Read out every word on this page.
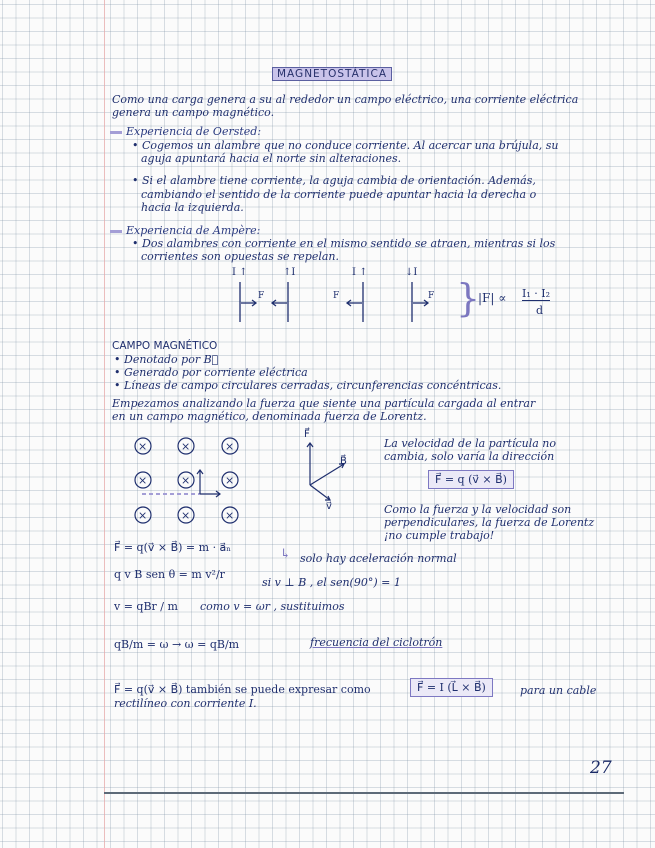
MAGNETOSTÁTICA
Como una carga genera a su al rededor un campo eléctrico, una corriente eléctrica
genera un campo magnético.
Experiencia de Oersted:
• Cogemos un alambre que no conduce corriente. Al acercar una brújula, su
aguja apuntará hacia el norte sin alteraciones.
• Si el alambre tiene corriente, la aguja cambia de orientación. Además,
cambiando el sentido de la corriente puede apuntar hacia la derecha o
hacia la izquierda.
Experiencia de Ampère:
• Dos alambres con corriente en el mismo sentido se atraen, mientras si los
corrientes son opuestas se repelan.
I ↑	↑I	I ↑	↓I
F	F	F }
|F| ∝ I₁ · I₂
d
CAMPO MAGNÉTICO
• Denotado por B⃗
• Generado por corriente eléctrica
• Líneas de campo circulares cerradas, circunferencias concéntricas.
Empezamos analizando la fuerza que siente una partícula cargada al entrar
en un campo magnético, denominada fuerza de Lorentz.
×	×	×
×	×	×
×	×	×
F⃗
B⃗
v⃗
La velocidad de la partícula no
cambia, solo varía la dirección
F⃗ = q (v⃗ × B⃗)
Como la fuerza y la velocidad son
perpendiculares, la fuerza de Lorentz
¡no cumple trabajo!
F⃗ = q(v⃗ × B⃗) = m · a⃗ₙ	↳ solo hay aceleración normal
q v B sen θ = m v²/r
si v ⊥ B , el sen(90°) = 1
v = qBr / m como v = ωr , sustituimos
qB/m = ω → ω = qB/m	frecuencia del ciclotrón
F⃗ = q(v⃗ × B⃗) también se puede expresar como	F⃗ = I (L⃗ × B⃗)	para un cable
rectilíneo con corriente I.
27
